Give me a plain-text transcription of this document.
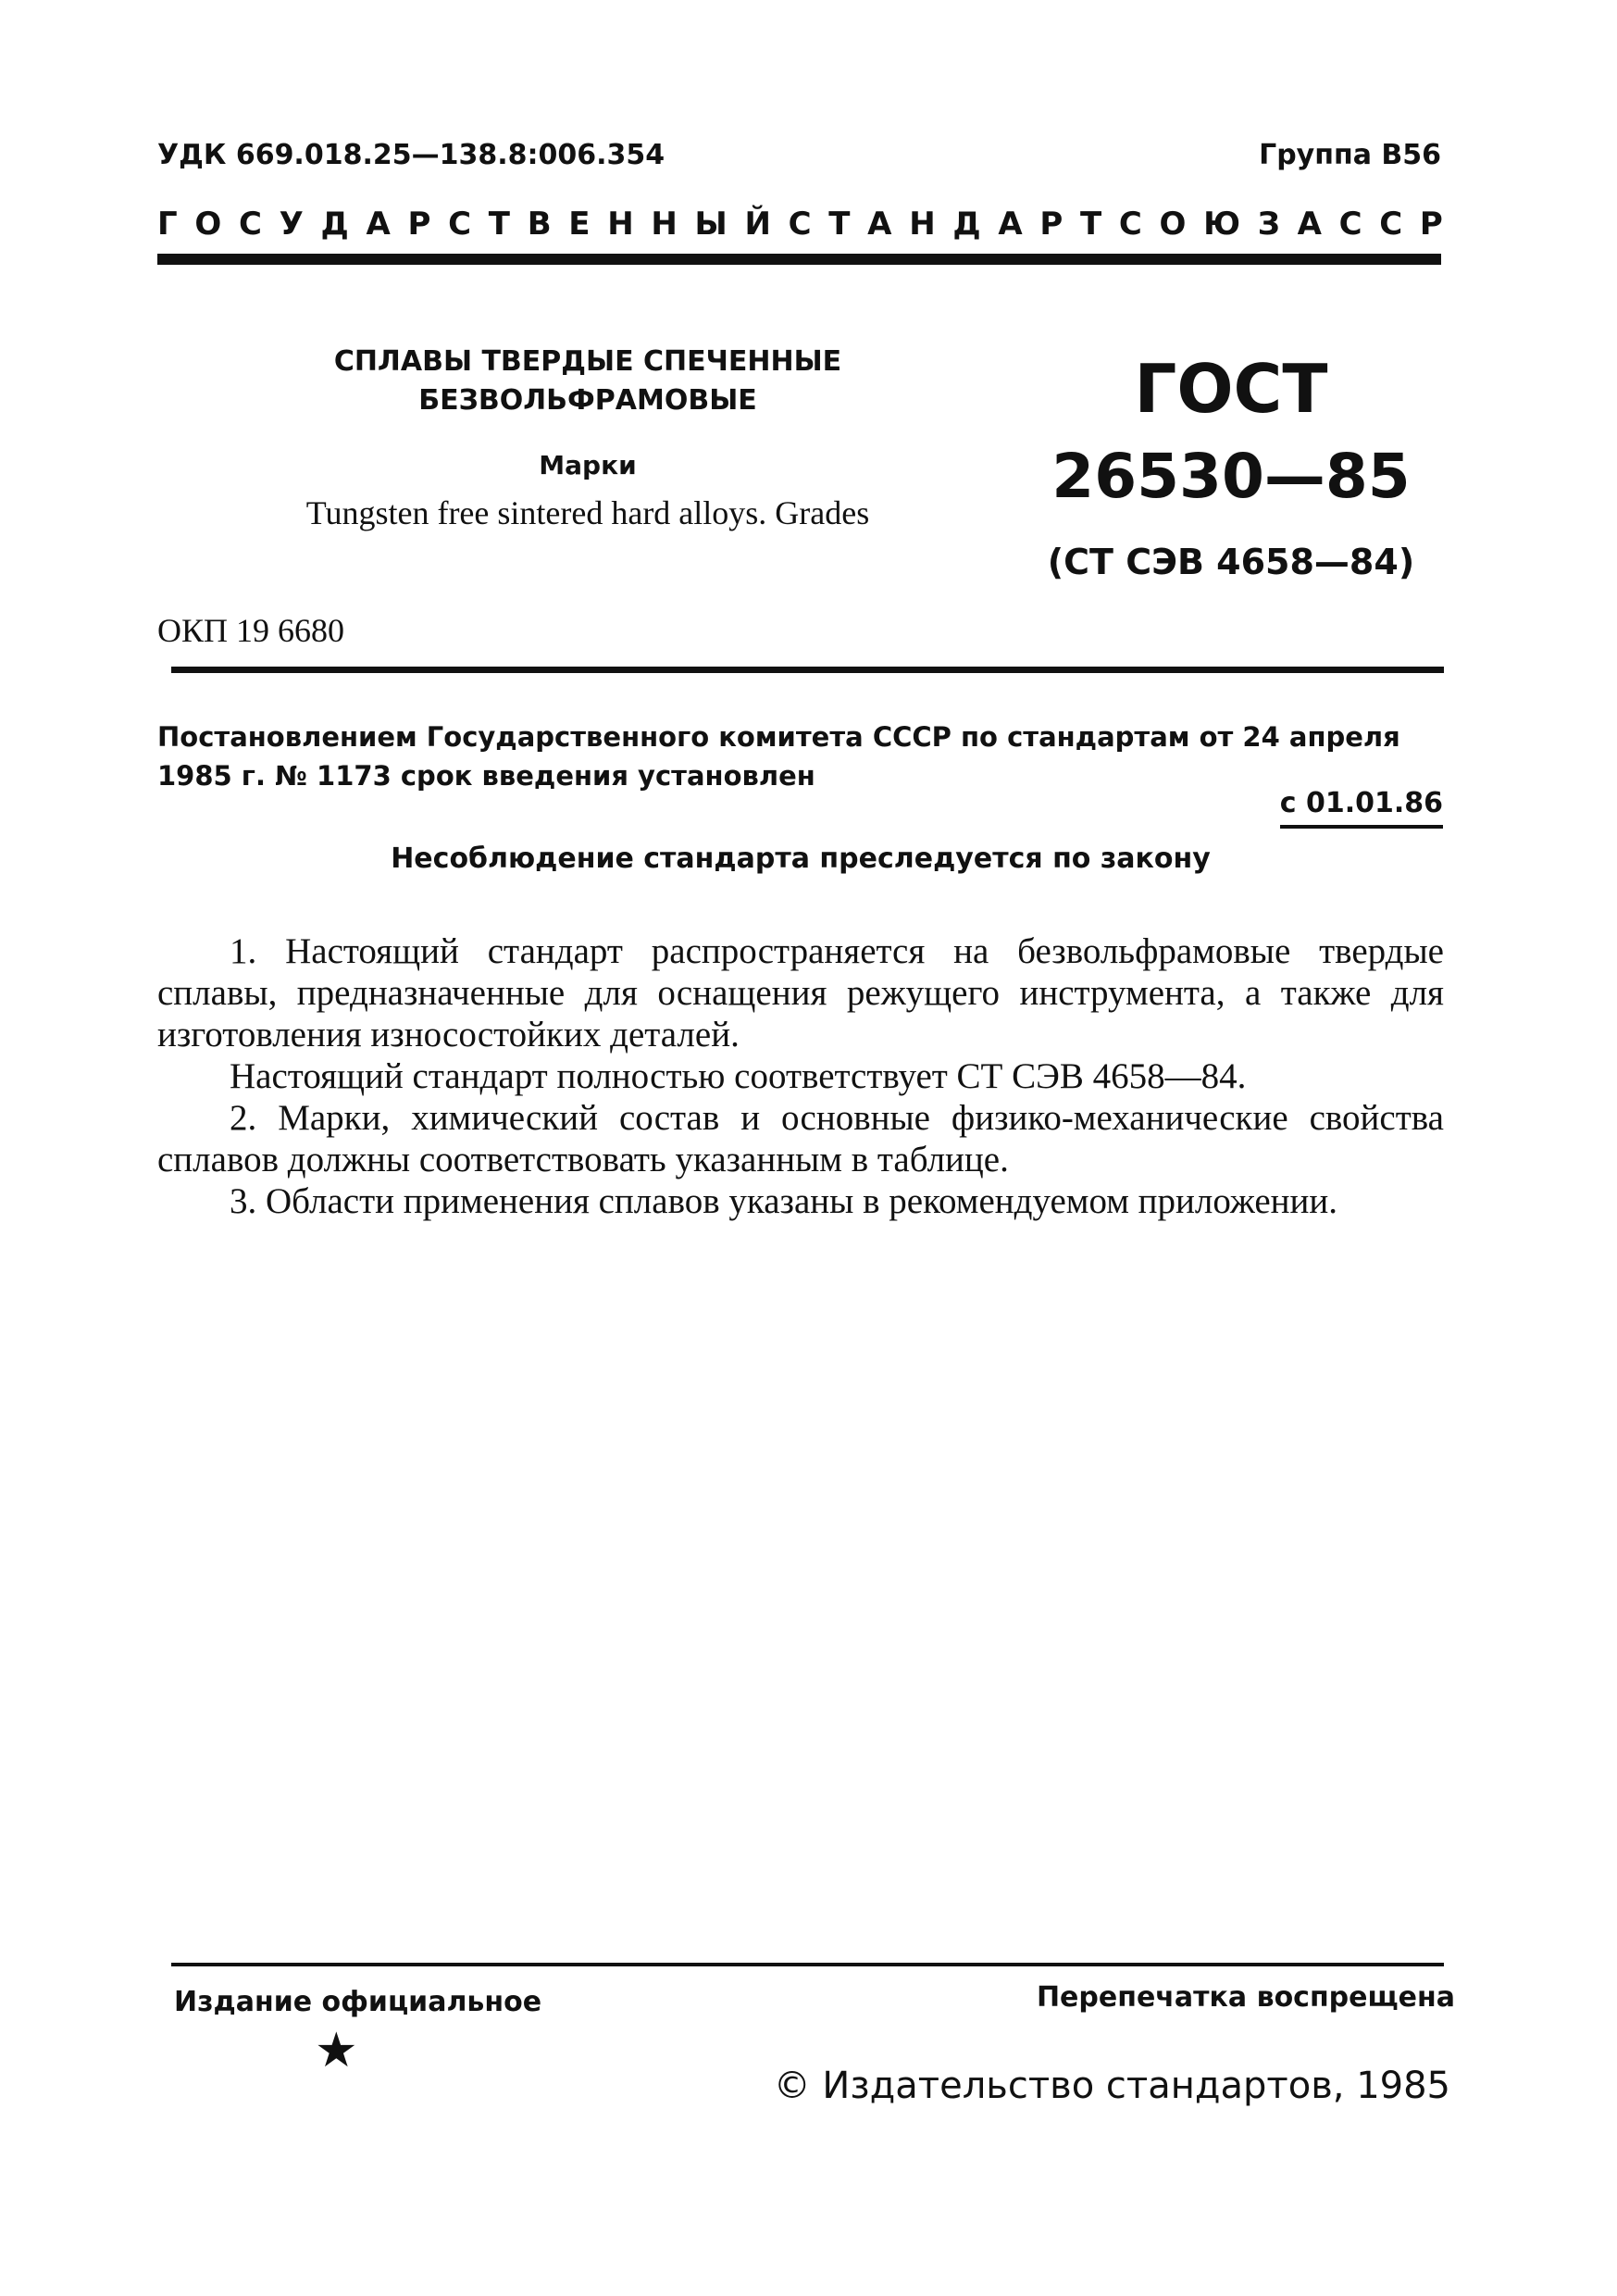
УДК 669.018.25—138.8:006.354	Группа В56
ГОСУДАРСТВЕННЫЙ СТАНДАРТ СОЮЗА ССР
СПЛАВЫ ТВЕРДЫЕ СПЕЧЕННЫЕ
БЕЗВОЛЬФРАМОВЫЕ
Марки
Tungsten free sintered hard alloys. Grades
ГОСТ
26530—85
(СТ СЭВ 4658—84)
ОКП 19 6680
Постановлением Государственного комитета СССР по стандартам от 24 апреля 1985 г. № 1173 срок введения установлен
с 01.01.86
Несоблюдение стандарта преследуется по закону

1. Настоящий стандарт распространяется на безвольфрамовые твердые сплавы, предназначенные для оснащения режущего инструмента, а также для изготовления износостойких деталей.

Настоящий стандарт полностью соответствует СТ СЭВ 4658—84.

2. Марки, химический состав и основные физико-механические свойства сплавов должны соответствовать указанным в таблице.

3. Области применения сплавов указаны в рекомендуемом приложении.

Издание официальное	Перепечатка воспрещена
★
© Издательство стандартов, 1985
